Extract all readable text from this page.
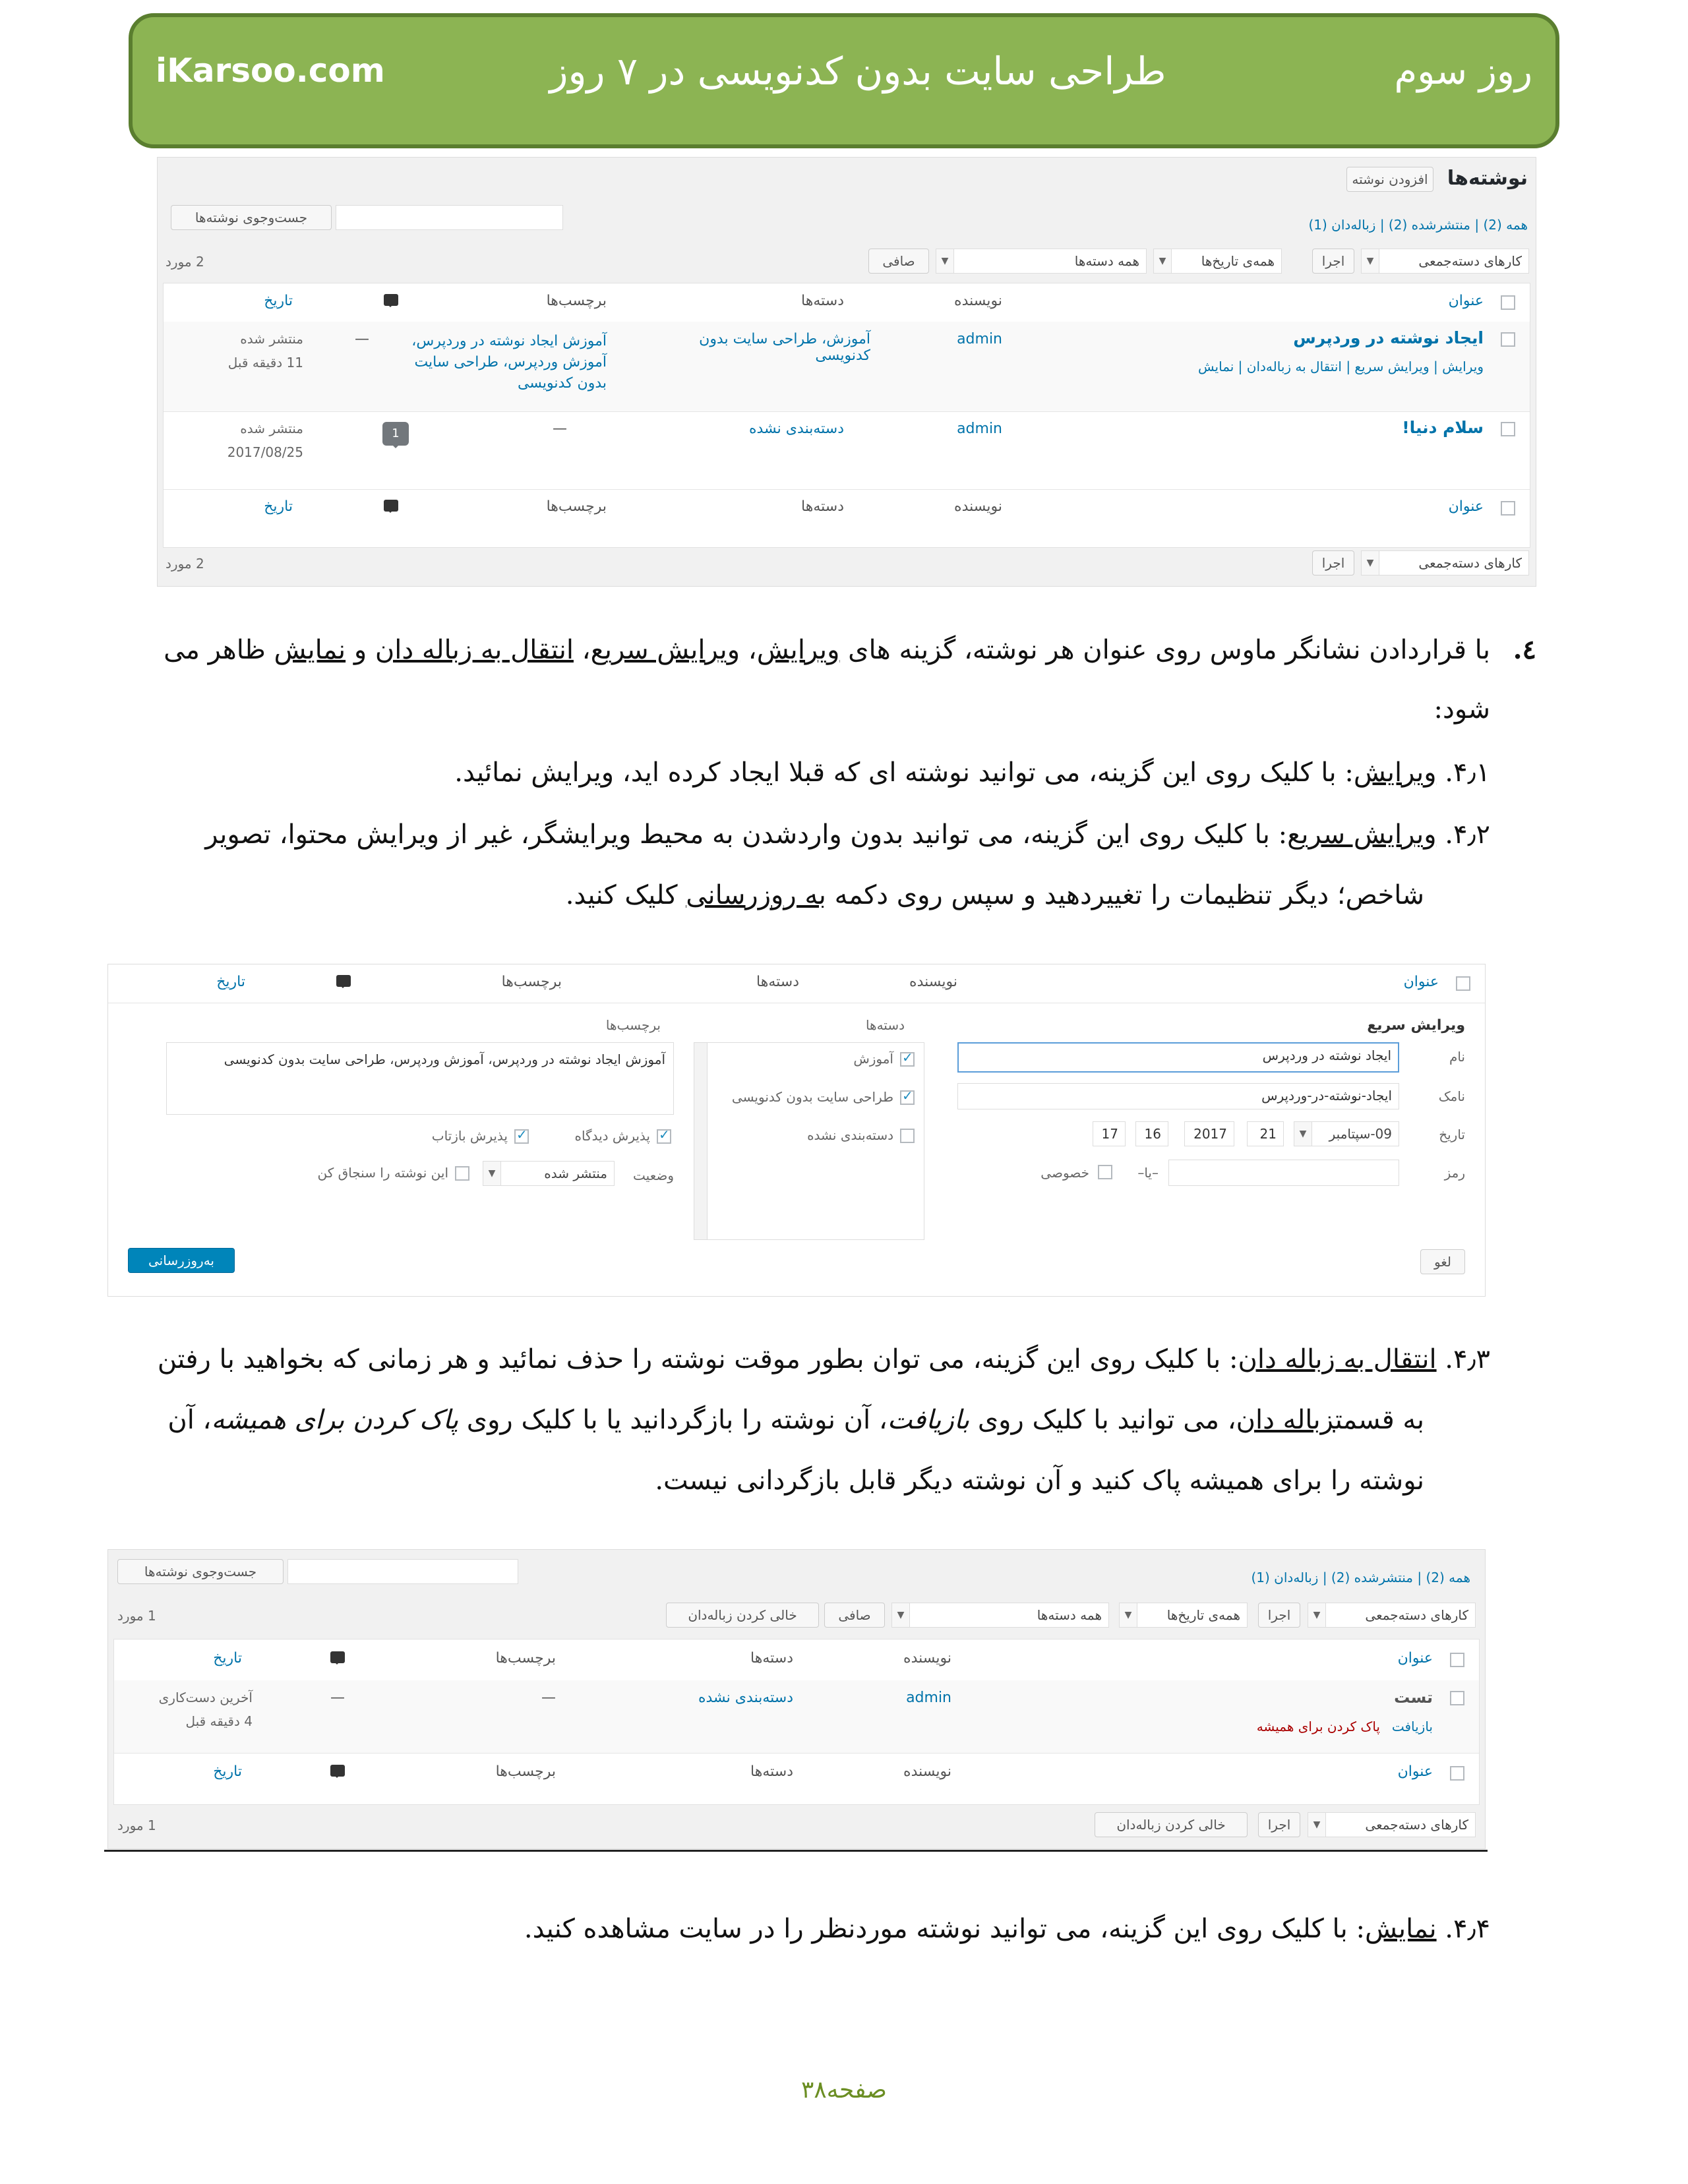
iKarsoo.com	طراحی سایت بدون کدنویسی در ۷ روز	روز سوم
نوشته‌ها
افزودن نوشته
همه (2) | منتشرشده (2) | زباله‌دان (1)
جست‌وجوی نوشته‌ها
کارهای دسته‌جمعی
▼
اجرا
همه‌ی تاریخ‌ها
▼
همه دسته‌ها
▼
صافی
2 مورد
عنوان
نویسنده
دسته‌ها
برچسب‌ها
تاریخ
ایجاد نوشته در وردپرس
ویرایش | ویرایش سریع | انتقال به زباله‌دان | نمایش
admin
آموزش، طراحی سایت بدون کدنویسی
آموزش ایجاد نوشته در وردپرس، آموزش وردپرس، طراحی سایت بدون کدنویسی
—
منتشر شده
11 دقیقه قبل
سلام دنیا!
admin
دسته‌بندی نشده
—
1
منتشر شده
2017/08/25
عنوان
نویسنده
دسته‌ها
برچسب‌ها
تاریخ
کارهای دسته‌جمعی
▼
اجرا
2 مورد
٤.
با قراردادن نشانگر ماوس روی عنوان هر نوشته، گزینه های ویرایش، ویرایش سریع، انتقال به زباله دان و نمایش ظاهر می
شود:
۴٫۱. ویرایش: با کلیک روی این گزینه، می توانید نوشته ای که قبلا ایجاد کرده اید، ویرایش نمائید.
۴٫۲. ویرایش سریع: با کلیک روی این گزینه، می توانید بدون واردشدن به محیط ویرایشگر، غیر از ویرایش محتوا، تصویر
شاخص؛ دیگر تنظیمات را تغییردهید و سپس روی دکمه به روزرسانی کلیک کنید.
عنوان
نویسنده
دسته‌ها
برچسب‌ها
تاریخ
ویرایش سریع
نام
ایجاد نوشته در وردپرس
نامک
ایجاد-نوشته-در-وردپرس
تاریخ
09-سپتامبر
▼
21
2017
16
17
رمز
–یا–
خصوصی
دسته‌ها
✓
آموزش
✓
طراحی سایت بدون کدنویسی
دسته‌بندی نشده
برچسب‌ها
آموزش ایجاد نوشته در وردپرس، آموزش وردپرس، طراحی سایت بدون کدنویسی
✓
پذیرش دیدگاه
✓
پذیرش بازتاب
وضعیت
منتشر شده
▼
این نوشته را سنجاق کن
لغو
به‌روزرسانی
۴٫۳. انتقال به زباله دان: با کلیک روی این گزینه، می توان بطور موقت نوشته را حذف نمائید و هر زمانی که بخواهید با رفتن
به قسمتزباله دان، می توانید با کلیک روی بازیافت، آن نوشته را بازگردانید یا با کلیک روی پاک کردن برای همیشه، آن
نوشته را برای همیشه پاک کنید و آن نوشته دیگر قابل بازگردانی نیست.
همه (2) | منتشرشده (2) | زباله‌دان (1)
جست‌وجوی نوشته‌ها
کارهای دسته‌جمعی
▼
اجرا
همه‌ی تاریخ‌ها
▼
همه دسته‌ها
▼
صافی
خالی کردن زباله‌دان
1 مورد
عنوان
نویسنده
دسته‌ها
برچسب‌ها
تاریخ
تست
بازیافت
پاک کردن برای همیشه
admin
دسته‌بندی نشده
—
—
آخرین دست‌کاری
4 دقیقه قبل
عنوان
نویسنده
دسته‌ها
برچسب‌ها
تاریخ
کارهای دسته‌جمعی
▼
اجرا
خالی کردن زباله‌دان
1 مورد
۴٫۴. نمایش: با کلیک روی این گزینه، می توانید نوشته موردنظر را در سایت مشاهده کنید.
صفحه۳۸
